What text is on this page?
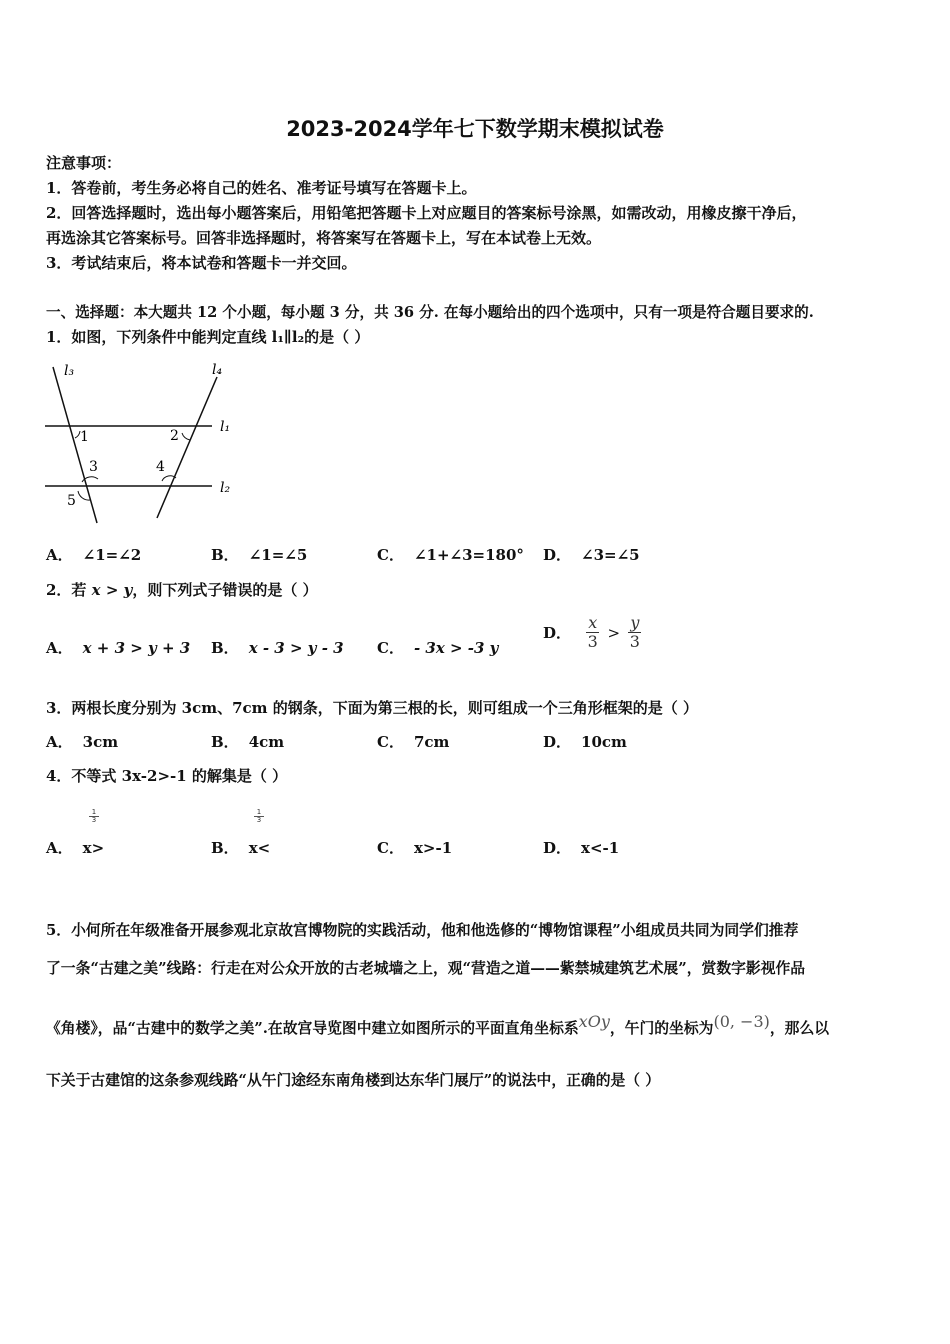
2023-2024学年七下数学期末模拟试卷
注意事项：
1．答卷前，考生务必将自己的姓名、准考证号填写在答题卡上。
2．回答选择题时，选出每小题答案后，用铅笔把答题卡上对应题目的答案标号涂黑，如需改动，用橡皮擦干净后，
再选涂其它答案标号。回答非选择题时，将答案写在答题卡上，写在本试卷上无效。
3．考试结束后，将本试卷和答题卡一并交回。
一、选择题：本大题共 12 个小题，每小题 3 分，共 36 分. 在每小题给出的四个选项中，只有一项是符合题目要求的.
1．如图，下列条件中能判定直线 l₁∥l₂的是（ ）
l₃	l₄
l₁
l₂
1	2
3	4
5
A． ∠1=∠2	B． ∠1=∠5	C． ∠1+∠3=180° D． ∠3=∠5
2．若 x > y，则下列式子错误的是（ ）
A． x + 3 > y + 3 B． x - 3 > y - 3 C． - 3x > -3 y
D． $\frac{x}{3} > \frac{y}{3}$
3．两根长度分别为 3cm、7cm 的钢条，下面为第三根的长，则可组成一个三角形框架的是（ ）
A． 3cm	B． 4cm	C． 7cm	D． 10cm
4．不等式 3x-2>-1 的解集是（ ）
1
3
1
3
A． x>	B． x<	C． x>-1	D． x<-1
5．小何所在年级准备开展参观北京故宫博物院的实践活动，他和他选修的“博物馆课程”小组成员共同为同学们推荐
了一条“古建之美”线路：行走在对公众开放的古老城墙之上，观“营造之道——紫禁城建筑艺术展”，赏数字影视作品
《角楼》，品“古建中的数学之美”.在故宫导览图中建立如图所示的平面直角坐标系xOy，午门的坐标为(0, −3)，那么以
下关于古建馆的这条参观线路“从午门途经东南角楼到达东华门展厅”的说法中，正确的是（ ）
